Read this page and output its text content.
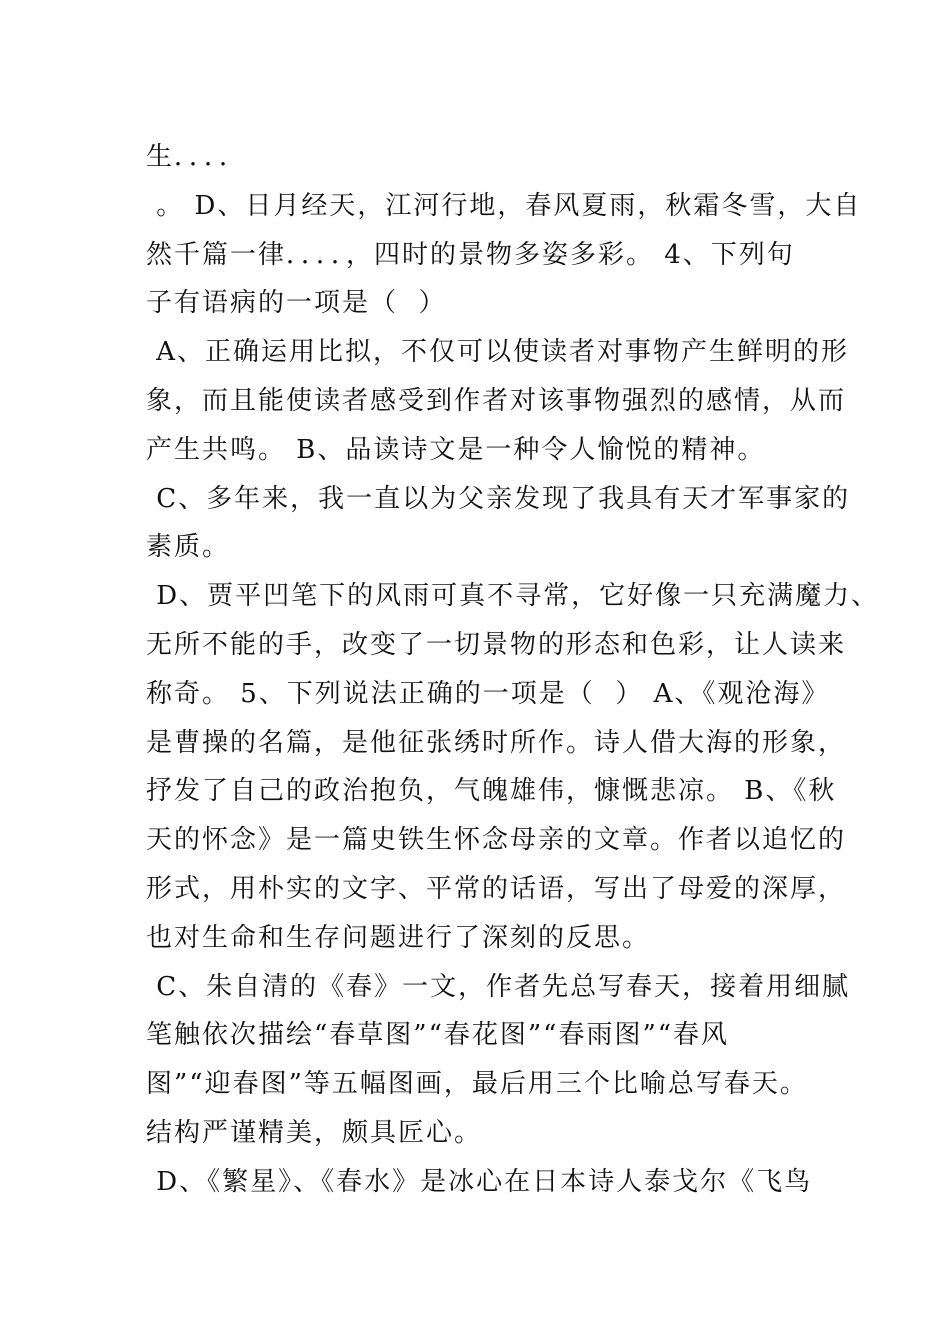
生．．．．
。 D、日月经天，江河行地，春风夏雨，秋霜冬雪，大自
然千篇一律．．．．，四时的景物多姿多彩。 4、下列句
子有语病的一项是（  ）
A、正确运用比拟，不仅可以使读者对事物产生鲜明的形
象，而且能使读者感受到作者对该事物强烈的感情，从而
产生共鸣。 B、品读诗文是一种令人愉悦的精神。
C、多年来，我一直以为父亲发现了我具有天才军事家的
素质。
D、贾平凹笔下的风雨可真不寻常，它好像一只充满魔力、
无所不能的手，改变了一切景物的形态和色彩，让人读来
称奇。 5、下列说法正确的一项是（  ） A、《观沧海》
是曹操的名篇，是他征张绣时所作。诗人借大海的形象，
抒发了自己的政治抱负，气魄雄伟，慷慨悲凉。 B、《秋
天的怀念》是一篇史铁生怀念母亲的文章。作者以追忆的
形式，用朴实的文字、平常的话语，写出了母爱的深厚，
也对生命和生存问题进行了深刻的反思。
C、朱自清的《春》一文，作者先总写春天，接着用细腻
笔触依次描绘“春草图”“春花图”“春雨图”“春风
图”“迎春图”等五幅图画，最后用三个比喻总写春天。
结构严谨精美，颇具匠心。
D、《繁星》、《春水》是冰心在日本诗人泰戈尔《飞鸟
